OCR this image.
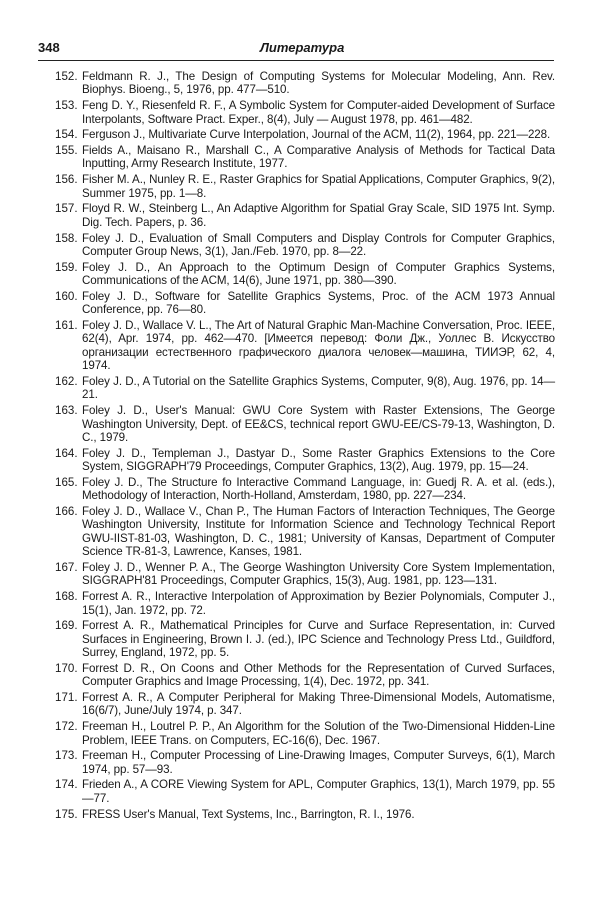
348	Литература
152. Feldmann R. J., The Design of Computing Systems for Molecular Modeling, Ann. Rev. Biophys. Bioeng., 5, 1976, pp. 477—510.
153. Feng D. Y., Riesenfeld R. F., A Symbolic System for Computer-aided Development of Surface Interpolants, Software Pract. Exper., 8(4), July — August 1978, pp. 461—482.
154. Ferguson J., Multivariate Curve Interpolation, Journal of the ACM, 11(2), 1964, pp. 221—228.
155. Fields A., Maisano R., Marshall C., A Comparative Analysis of Methods for Tactical Data Inputting, Army Research Institute, 1977.
156. Fisher M. A., Nunley R. E., Raster Graphics for Spatial Applications, Computer Graphics, 9(2), Summer 1975, pp. 1—8.
157. Floyd R. W., Steinberg L., An Adaptive Algorithm for Spatial Gray Scale, SID 1975 Int. Symp. Dig. Tech. Papers, p. 36.
158. Foley J. D., Evaluation of Small Computers and Display Controls for Computer Graphics, Computer Group News, 3(1), Jan./Feb. 1970, pp. 8—22.
159. Foley J. D., An Approach to the Optimum Design of Computer Graphics Systems, Communications of the ACM, 14(6), June 1971, pp. 380—390.
160. Foley J. D., Software for Satellite Graphics Systems, Proc. of the ACM 1973 Annual Conference, pp. 76—80.
161. Foley J. D., Wallace V. L., The Art of Natural Graphic Man-Machine Conversation, Proc. IEEE, 62(4), Apr. 1974, pp. 462—470. [Имеется перевод: Фоли Дж., Уоллес В. Искусство организации естественного графического диалога человек—машина, ТИИЭР, 62, 4, 1974.
162. Foley J. D., A Tutorial on the Satellite Graphics Systems, Computer, 9(8), Aug. 1976, pp. 14—21.
163. Foley J. D., User's Manual: GWU Core System with Raster Extensions, The George Washington University, Dept. of EE&CS, technical report GWU-EE/CS-79-13, Washington, D. C., 1979.
164. Foley J. D., Templeman J., Dastyar D., Some Raster Graphics Extensions to the Core System, SIGGRAPH'79 Proceedings, Computer Graphics, 13(2), Aug. 1979, pp. 15—24.
165. Foley J. D., The Structure fo Interactive Command Language, in: Guedj R. A. et al. (eds.), Methodology of Interaction, North-Holland, Amsterdam, 1980, pp. 227—234.
166. Foley J. D., Wallace V., Chan P., The Human Factors of Interaction Techniques, The George Washington University, Institute for Information Science and Technology Technical Report GWU-IIST-81-03, Washington, D. C., 1981; University of Kansas, Department of Computer Science TR-81-3, Lawrence, Kanses, 1981.
167. Foley J. D., Wenner P. A., The George Washington University Core System Implementation, SIGGRAPH'81 Proceedings, Computer Graphics, 15(3), Aug. 1981, pp. 123—131.
168. Forrest A. R., Interactive Interpolation of Approximation by Bezier Polynomials, Computer J., 15(1), Jan. 1972, pp. 72.
169. Forrest A. R., Mathematical Principles for Curve and Surface Representation, in: Curved Surfaces in Engineering, Brown I. J. (ed.), IPC Science and Technology Press Ltd., Guildford, Surrey, England, 1972, pp. 5.
170. Forrest D. R., On Coons and Other Methods for the Representation of Curved Surfaces, Computer Graphics and Image Processing, 1(4), Dec. 1972, pp. 341.
171. Forrest A. R., A Computer Peripheral for Making Three-Dimensional Models, Automatisme, 16(6/7), June/July 1974, p. 347.
172. Freeman H., Loutrel P. P., An Algorithm for the Solution of the Two-Dimensional Hidden-Line Problem, IEEE Trans. on Computers, EC-16(6), Dec. 1967.
173. Freeman H., Computer Processing of Line-Drawing Images, Computer Surveys, 6(1), March 1974, pp. 57—93.
174. Frieden A., A CORE Viewing System for APL, Computer Graphics, 13(1), March 1979, pp. 55—77.
175. FRESS User's Manual, Text Systems, Inc., Barrington, R. I., 1976.
